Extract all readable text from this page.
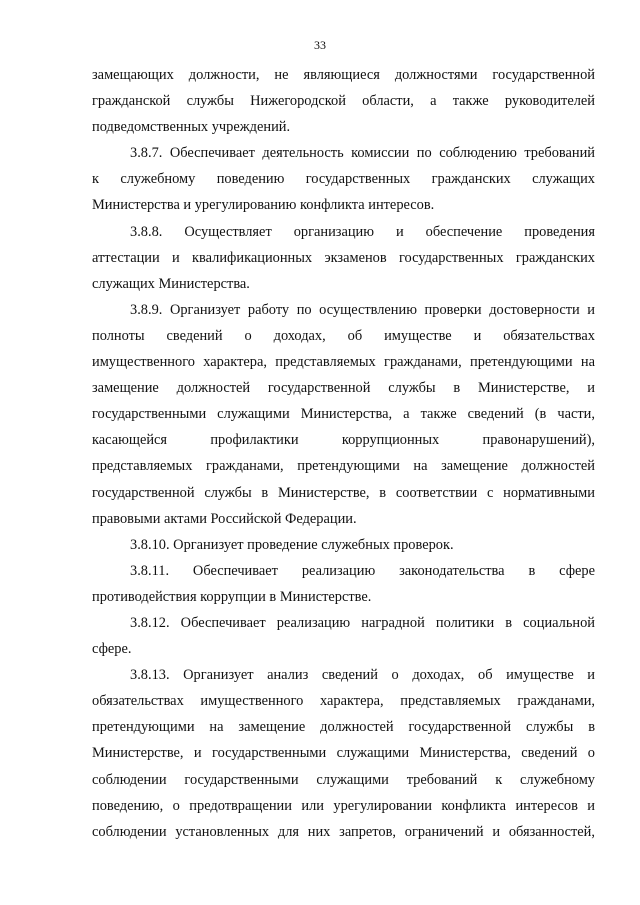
33
замещающих должности, не являющиеся должностями государственной
гражданской службы Нижегородской области, а также руководителей
подведомственных учреждений.
3.8.7. Обеспечивает деятельность комиссии по соблюдению требований
к служебному поведению государственных гражданских служащих
Министерства и урегулированию конфликта интересов.
3.8.8. Осуществляет организацию и обеспечение проведения
аттестации и квалификационных экзаменов государственных гражданских
служащих Министерства.
3.8.9. Организует работу по осуществлению проверки достоверности и
полноты сведений о доходах, об имуществе и обязательствах
имущественного характера, представляемых гражданами, претендующими на
замещение должностей государственной службы в Министерстве, и
государственными служащими Министерства, а также сведений (в части,
касающейся профилактики коррупционных правонарушений),
представляемых гражданами, претендующими на замещение должностей
государственной службы в Министерстве, в соответствии с нормативными
правовыми актами Российской Федерации.
3.8.10. Организует проведение служебных проверок.
3.8.11. Обеспечивает реализацию законодательства в сфере
противодействия коррупции в Министерстве.
3.8.12. Обеспечивает реализацию наградной политики в социальной
сфере.
3.8.13. Организует анализ сведений о доходах, об имуществе и
обязательствах имущественного характера, представляемых гражданами,
претендующими на замещение должностей государственной службы в
Министерстве, и государственными служащими Министерства, сведений о
соблюдении государственными служащими требований к служебному
поведению, о предотвращении или урегулировании конфликта интересов и
соблюдении установленных для них запретов, ограничений и обязанностей,
